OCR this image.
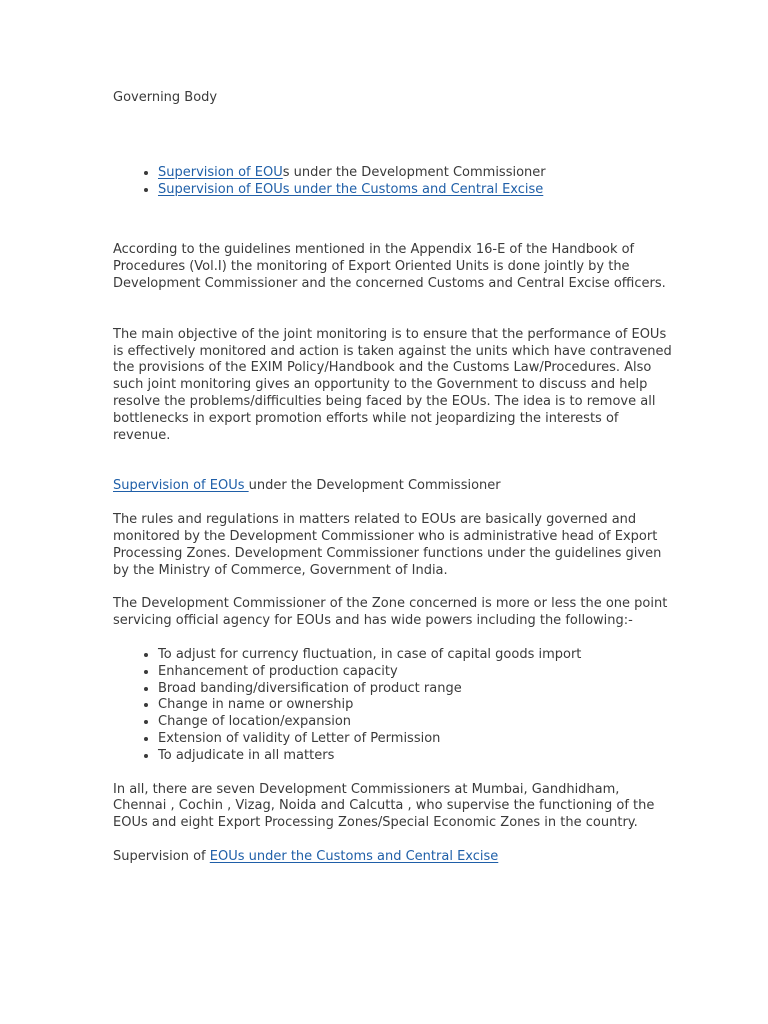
Governing Body

• Supervision of EOUs under the Development Commissioner
• Supervision of EOUs under the Customs and Central Excise

According to the guidelines mentioned in the Appendix 16-E of the Handbook of Procedures (Vol.I) the monitoring of Export Oriented Units is done jointly by the Development Commissioner and the concerned Customs and Central Excise officers.

The main objective of the joint monitoring is to ensure that the performance of EOUs is effectively monitored and action is taken against the units which have contravened the provisions of the EXIM Policy/Handbook and the Customs Law/Procedures. Also such joint monitoring gives an opportunity to the Government to discuss and help resolve the problems/difficulties being faced by the EOUs. The idea is to remove all bottlenecks in export promotion efforts while not jeopardizing the interests of revenue.

Supervision of EOUs under the Development Commissioner

The rules and regulations in matters related to EOUs are basically governed and monitored by the Development Commissioner who is administrative head of Export Processing Zones. Development Commissioner functions under the guidelines given by the Ministry of Commerce, Government of India.

The Development Commissioner of the Zone concerned is more or less the one point servicing official agency for EOUs and has wide powers including the following:-

• To adjust for currency fluctuation, in case of capital goods import
• Enhancement of production capacity
• Broad banding/diversification of product range
• Change in name or ownership
• Change of location/expansion
• Extension of validity of Letter of Permission
• To adjudicate in all matters

In all, there are seven Development Commissioners at Mumbai, Gandhidham, Chennai , Cochin , Vizag, Noida and Calcutta , who supervise the functioning of the EOUs and eight Export Processing Zones/Special Economic Zones in the country.

Supervision of EOUs under the Customs and Central Excise
